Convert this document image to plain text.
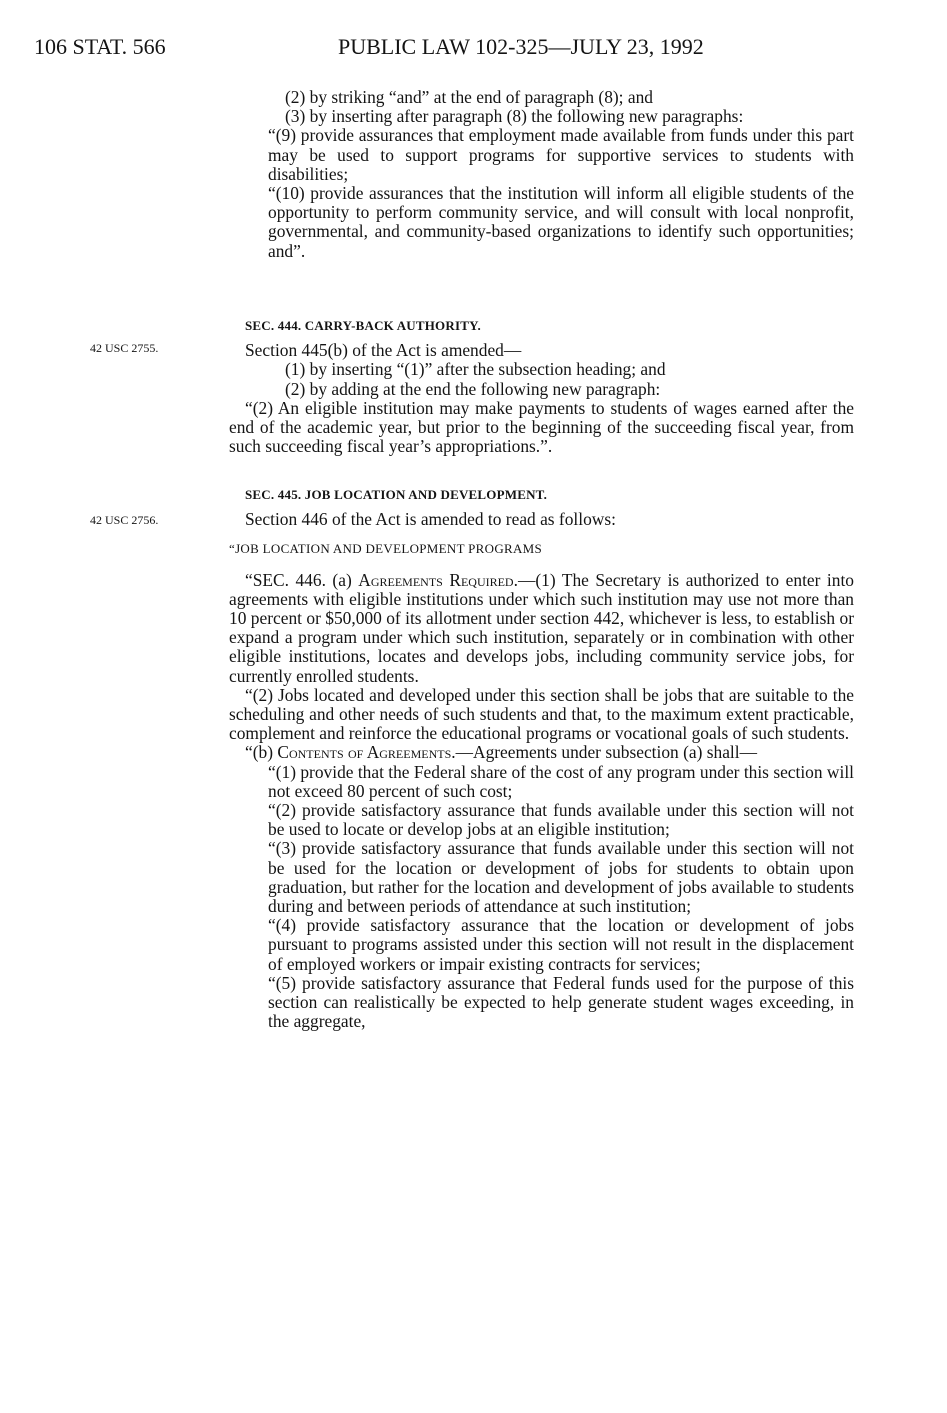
106 STAT. 566	PUBLIC LAW 102-325—JULY 23, 1992
42 USC 2755.
42 USC 2756.

(2) by striking “and” at the end of paragraph (8); and

(3) by inserting after paragraph (8) the following new paragraphs:

“(9) provide assurances that employment made available from funds under this part may be used to support programs for supportive services to students with disabilities;

“(10) provide assurances that the institution will inform all eligible students of the opportunity to perform community service, and will consult with local nonprofit, governmental, and community-based organizations to identify such opportunities; and”.

SEC. 444. CARRY-BACK AUTHORITY.

Section 445(b) of the Act is amended—

(1) by inserting “(1)” after the subsection heading; and

(2) by adding at the end the following new paragraph:

“(2) An eligible institution may make payments to students of wages earned after the end of the academic year, but prior to the beginning of the succeeding fiscal year, from such succeeding fiscal year’s appropriations.”.

SEC. 445. JOB LOCATION AND DEVELOPMENT.

Section 446 of the Act is amended to read as follows:

“JOB LOCATION AND DEVELOPMENT PROGRAMS

“SEC. 446. (a) Agreements Required.—(1) The Secretary is authorized to enter into agreements with eligible institutions under which such institution may use not more than 10 percent or $50,000 of its allotment under section 442, whichever is less, to establish or expand a program under which such institution, separately or in combination with other eligible institutions, locates and develops jobs, including community service jobs, for currently enrolled students.

“(2) Jobs located and developed under this section shall be jobs that are suitable to the scheduling and other needs of such students and that, to the maximum extent practicable, complement and reinforce the educational programs or vocational goals of such students.

“(b) Contents of Agreements.—Agreements under subsection (a) shall—

“(1) provide that the Federal share of the cost of any program under this section will not exceed 80 percent of such cost;

“(2) provide satisfactory assurance that funds available under this section will not be used to locate or develop jobs at an eligible institution;

“(3) provide satisfactory assurance that funds available under this section will not be used for the location or development of jobs for students to obtain upon graduation, but rather for the location and development of jobs available to students during and between periods of attendance at such institution;

“(4) provide satisfactory assurance that the location or development of jobs pursuant to programs assisted under this section will not result in the displacement of employed workers or impair existing contracts for services;

“(5) provide satisfactory assurance that Federal funds used for the purpose of this section can realistically be expected to help generate student wages exceeding, in the aggregate,
